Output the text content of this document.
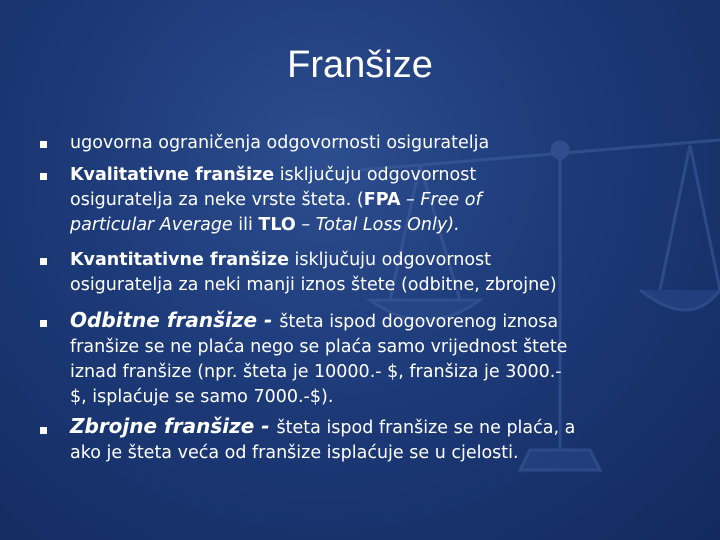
Franšize
ugovorna ograničenja odgovornosti osiguratelja
Kvalitativne franšize isključuju odgovornost
osiguratelja za neke vrste šteta. (FPA – Free of
particular Average ili TLO – Total Loss Only).
Kvantitativne franšize isključuju odgovornost
osiguratelja za neki manji iznos štete (odbitne, zbrojne)
Odbitne franšize - šteta ispod dogovorenog iznosa
franšize se ne plaća nego se plaća samo vrijednost štete
iznad franšize (npr. šteta je 10000.- $, franšiza je 3000.-
$, isplaćuje se samo 7000.-$).
Zbrojne franšize - šteta ispod franšize se ne plaća, a
ako je šteta veća od franšize isplaćuje se u cjelosti.
